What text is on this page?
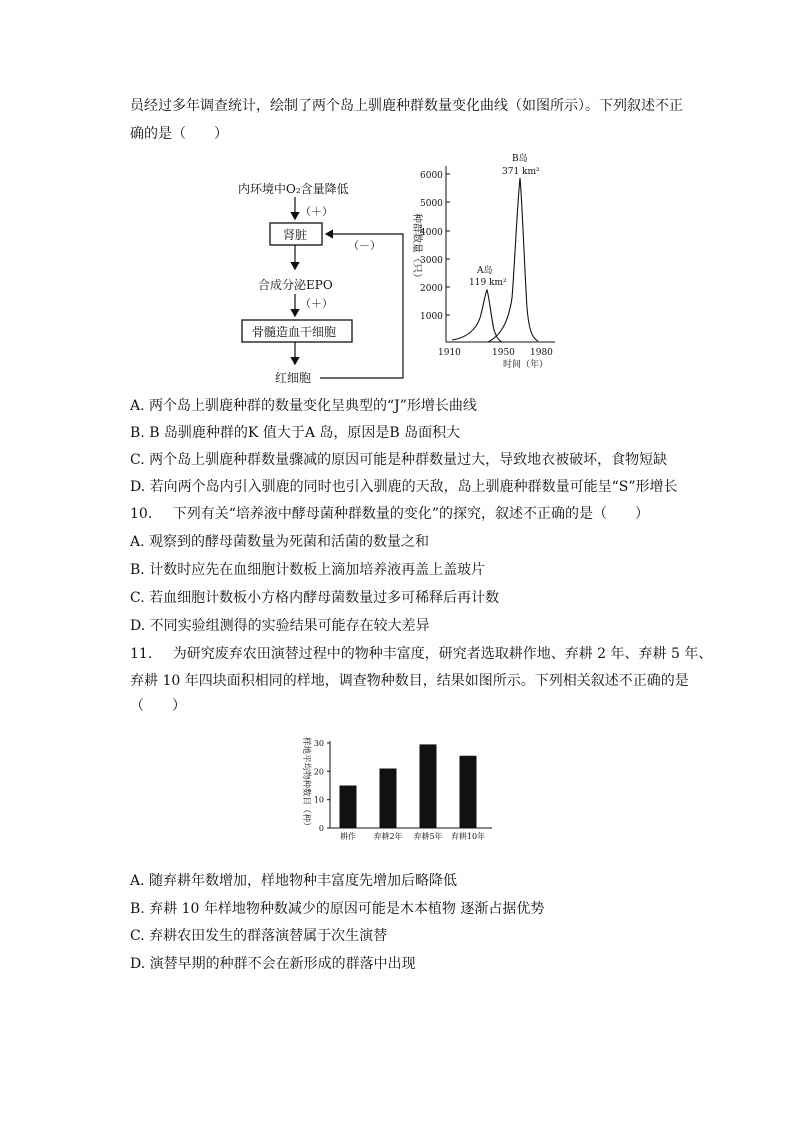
员经过多年调查统计，绘制了两个岛上驯鹿种群数量变化曲线（如图所示）。下列叙述不正
确的是（　　）
内环境中O₂含量降低
（＋）
肾脏
合成分泌EPO
（＋）
骨髓造血干细胞
红细胞
（－）	种群数量（只）
6000
5000
4000
3000
2000
1000
1910	1950 1980
时间（年）
A岛
119 km²
B岛
371 km²
A. 两个岛上驯鹿种群的数量变化呈典型的“J”形增长曲线
B. B 岛驯鹿种群的K 值大于A 岛，原因是B 岛面积大
C. 两个岛上驯鹿种群数量骤减的原因可能是种群数量过大，导致地衣被破坏，食物短缺
D. 若向两个岛内引入驯鹿的同时也引入驯鹿的天敌，岛上驯鹿种群数量可能呈“S”形增长
10. 下列有关“培养液中酵母菌种群数量的变化”的探究，叙述不正确的是（　　）
A. 观察到的酵母菌数量为死菌和活菌的数量之和
B. 计数时应先在血细胞计数板上滴加培养液再盖上盖玻片
C. 若血细胞计数板小方格内酵母菌数量过多可稀释后再计数
D. 不同实验组测得的实验结果可能存在较大差异
11. 为研究废弃农田演替过程中的物种丰富度，研究者选取耕作地、弃耕 2 年、弃耕 5 年、
弃耕 10 年四块面积相同的样地，调查物种数目，结果如图所示。下列相关叙述不正确的是
（　　）
样地平均物种数目（种） 0
10
20
30
耕作 弃耕2年 弃耕5年 弃耕10年
A. 随弃耕年数增加，样地物种丰富度先增加后略降低
B. 弃耕 10 年样地物种数减少的原因可能是木本植物 逐渐占据优势
C. 弃耕农田发生的群落演替属于次生演替
D. 演替早期的种群不会在新形成的群落中出现
